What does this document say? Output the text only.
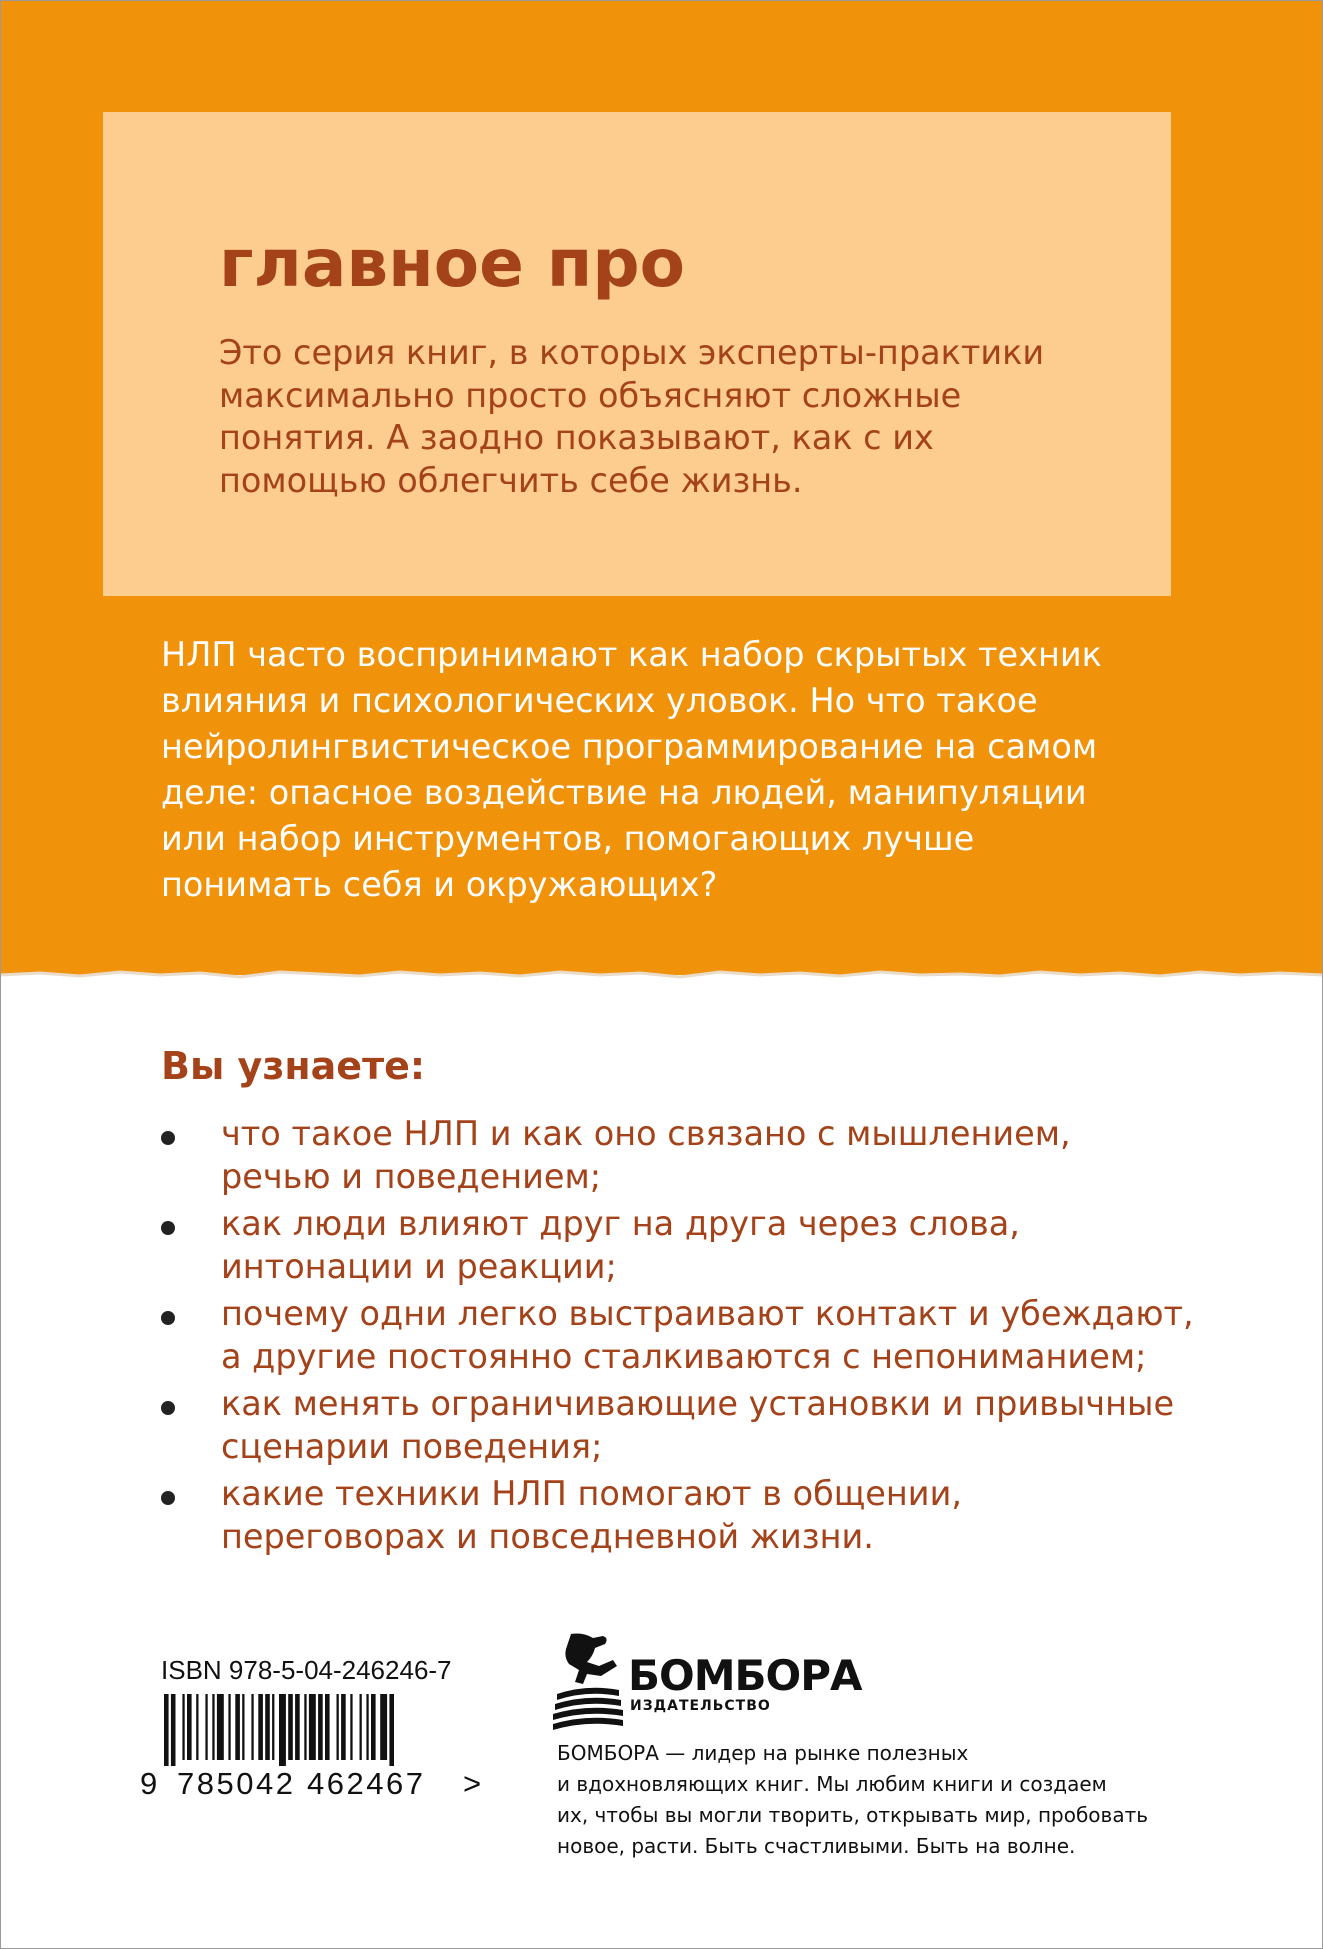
главное про

Это серия книг, в которых эксперты-практики
максимально просто объясняют сложные
понятия. А заодно показывают, как с их
помощью облегчить себе жизнь.

НЛП часто воспринимают как набор скрытых техник
влияния и психологических уловок. Но что такое
нейролингвистическое программирование на самом
деле: опасное воздействие на людей, манипуляции
или набор инструментов, помогающих лучше
понимать себя и окружающих?

Вы узнаете:
что такое НЛП и как оно связано с мышлением,
речью и поведением;
как люди влияют друг на друга через слова,
интонации и реакции;
почему одни легко выстраивают контакт и убеждают,
а другие постоянно сталкиваются с непониманием;
как менять ограничивающие установки и привычные
сценарии поведения;
какие техники НЛП помогают в общении,
переговорах и повседневной жизни.

ISBN 978-5-04-246246-7

9 785042 462467 >

БОМБОРА

ИЗДАТЕЛЬСТВО

БОМБОРА — лидер на рынке полезных
и вдохновляющих книг. Мы любим книги и создаем
их, чтобы вы могли творить, открывать мир, пробовать
новое, расти. Быть счастливыми. Быть на волне.
